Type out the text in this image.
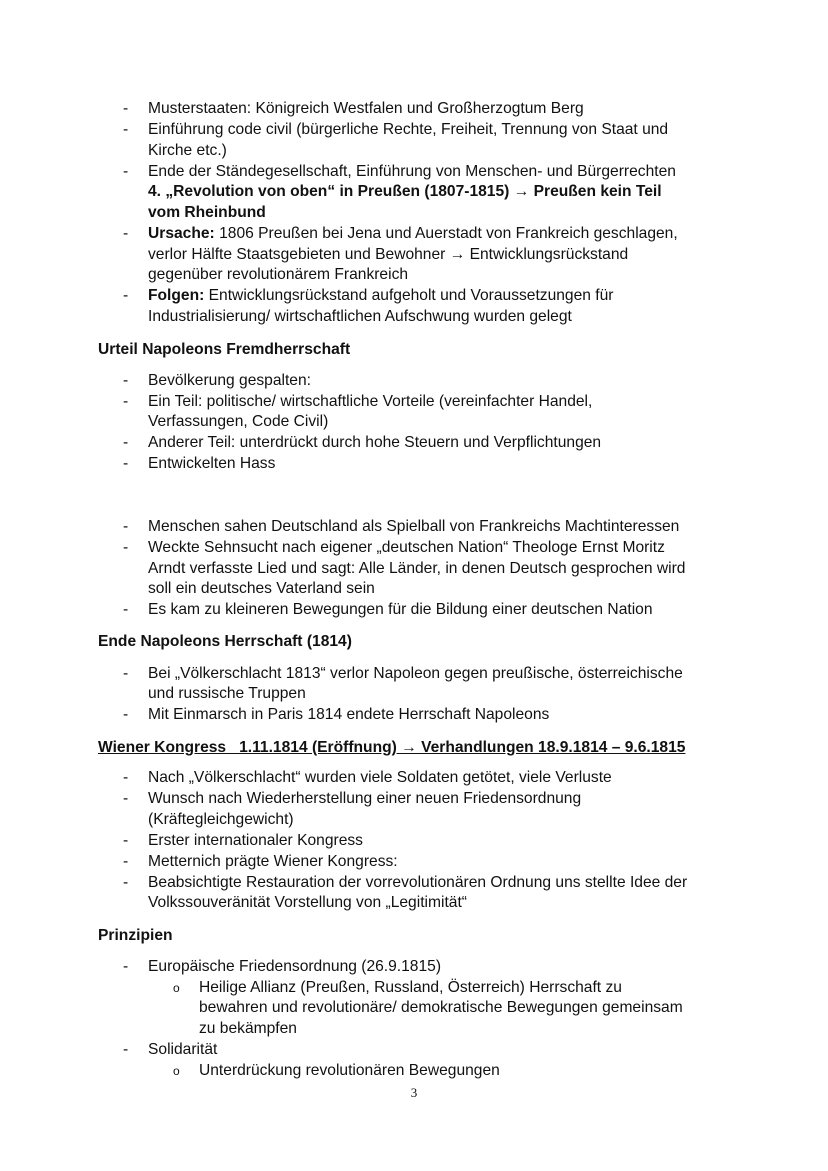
- Musterstaaten: Königreich Westfalen und Großherzogtum Berg
- Einführung code civil (bürgerliche Rechte, Freiheit, Trennung von Staat und
Kirche etc.)
- Ende der Ständegesellschaft, Einführung von Menschen- und Bürgerrechten
4. „Revolution von oben“ in Preußen (1807-1815) → Preußen kein Teil
vom Rheinbund
- Ursache: 1806 Preußen bei Jena und Auerstadt von Frankreich geschlagen,
verlor Hälfte Staatsgebieten und Bewohner → Entwicklungsrückstand
gegenüber revolutionärem Frankreich
- Folgen: Entwicklungsrückstand aufgeholt und Voraussetzungen für
Industrialisierung/ wirtschaftlichen Aufschwung wurden gelegt
Urteil Napoleons Fremdherrschaft
- Bevölkerung gespalten:
- Ein Teil: politische/ wirtschaftliche Vorteile (vereinfachter Handel,
Verfassungen, Code Civil)
- Anderer Teil: unterdrückt durch hohe Steuern und Verpflichtungen
- Entwickelten Hass
- Menschen sahen Deutschland als Spielball von Frankreichs Machtinteressen
- Weckte Sehnsucht nach eigener „deutschen Nation“ Theologe Ernst Moritz
Arndt verfasste Lied und sagt: Alle Länder, in denen Deutsch gesprochen wird
soll ein deutsches Vaterland sein
- Es kam zu kleineren Bewegungen für die Bildung einer deutschen Nation
Ende Napoleons Herrschaft (1814)
- Bei „Völkerschlacht 1813“ verlor Napoleon gegen preußische, österreichische
und russische Truppen
- Mit Einmarsch in Paris 1814 endete Herrschaft Napoleons
Wiener Kongress   1.11.1814 (Eröffnung) → Verhandlungen 18.9.1814 – 9.6.1815
- Nach „Völkerschlacht“ wurden viele Soldaten getötet, viele Verluste
- Wunsch nach Wiederherstellung einer neuen Friedensordnung
(Kräftegleichgewicht)
- Erster internationaler Kongress
- Metternich prägte Wiener Kongress:
- Beabsichtigte Restauration der vorrevolutionären Ordnung uns stellte Idee der
Volkssouveränität Vorstellung von „Legitimität“
Prinzipien
- Europäische Friedensordnung (26.9.1815)
o Heilige Allianz (Preußen, Russland, Österreich) Herrschaft zu
bewahren und revolutionäre/ demokratische Bewegungen gemeinsam
zu bekämpfen
- Solidarität
o Unterdrückung revolutionären Bewegungen
3
